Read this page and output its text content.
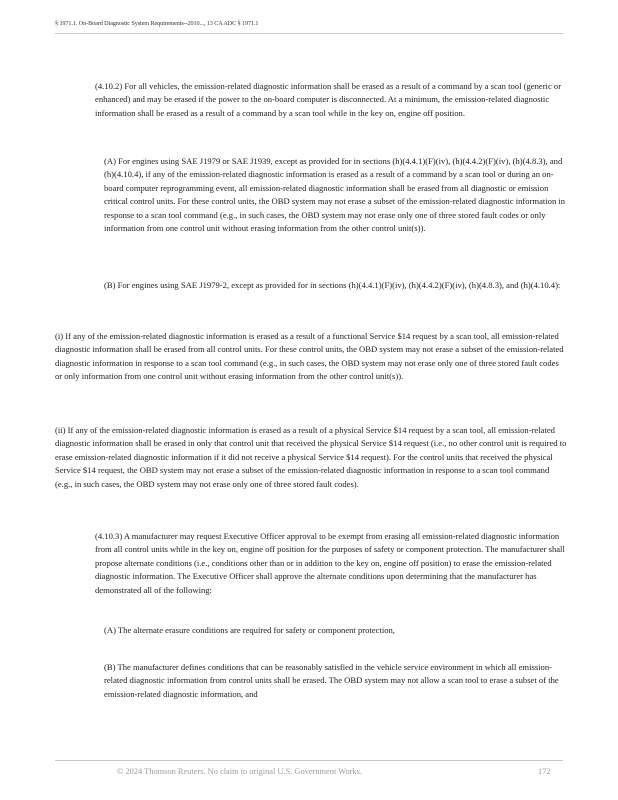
§ 1971.1. On-Board Diagnostic System Requirements--2010..., 13 CA ADC § 1971.1

(4.10.2) For all vehicles, the emission-related diagnostic information shall be erased as a result of a command by a scan tool (generic or enhanced) and may be erased if the power to the on-board computer is disconnected. At a minimum, the emission-related diagnostic information shall be erased as a result of a command by a scan tool while in the key on, engine off position.

(A) For engines using SAE J1979 or SAE J1939, except as provided for in sections (h)(4.4.1)(F)(iv), (h)(4.4.2)(F)(iv), (h)(4.8.3), and (h)(4.10.4), if any of the emission-related diagnostic information is erased as a result of a command by a scan tool or during an on-board computer reprogramming event, all emission-related diagnostic information shall be erased from all diagnostic or emission critical control units. For these control units, the OBD system may not erase a subset of the emission-related diagnostic information in response to a scan tool command (e.g., in such cases, the OBD system may not erase only one of three stored fault codes or only information from one control unit without erasing information from the other control unit(s)).

(B) For engines using SAE J1979-2, except as provided for in sections (h)(4.4.1)(F)(iv), (h)(4.4.2)(F)(iv), (h)(4.8.3), and (h)(4.10.4):

(i) If any of the emission-related diagnostic information is erased as a result of a functional Service $14 request by a scan tool, all emission-related diagnostic information shall be erased from all control units. For these control units, the OBD system may not erase a subset of the emission-related diagnostic information in response to a scan tool command (e.g., in such cases, the OBD system may not erase only one of three stored fault codes or only information from one control unit without erasing information from the other control unit(s)).

(ii) If any of the emission-related diagnostic information is erased as a result of a physical Service $14 request by a scan tool, all emission-related diagnostic information shall be erased in only that control unit that received the physical Service $14 request (i.e., no other control unit is required to erase emission-related diagnostic information if it did not receive a physical Service $14 request). For the control units that received the physical Service $14 request, the OBD system may not erase a subset of the emission-related diagnostic information in response to a scan tool command (e.g., in such cases, the OBD system may not erase only one of three stored fault codes).

(4.10.3) A manufacturer may request Executive Officer approval to be exempt from erasing all emission-related diagnostic information from all control units while in the key on, engine off position for the purposes of safety or component protection. The manufacturer shall propose alternate conditions (i.e., conditions other than or in addition to the key on, engine off position) to erase the emission-related diagnostic information. The Executive Officer shall approve the alternate conditions upon determining that the manufacturer has demonstrated all of the following:

(A) The alternate erasure conditions are required for safety or component protection,

(B) The manufacturer defines conditions that can be reasonably satisfied in the vehicle service environment in which all emission-related diagnostic information from control units shall be erased. The OBD system may not allow a scan tool to erase a subset of the emission-related diagnostic information, and

© 2024 Thomson Reuters. No claim to original U.S. Government Works.	172
